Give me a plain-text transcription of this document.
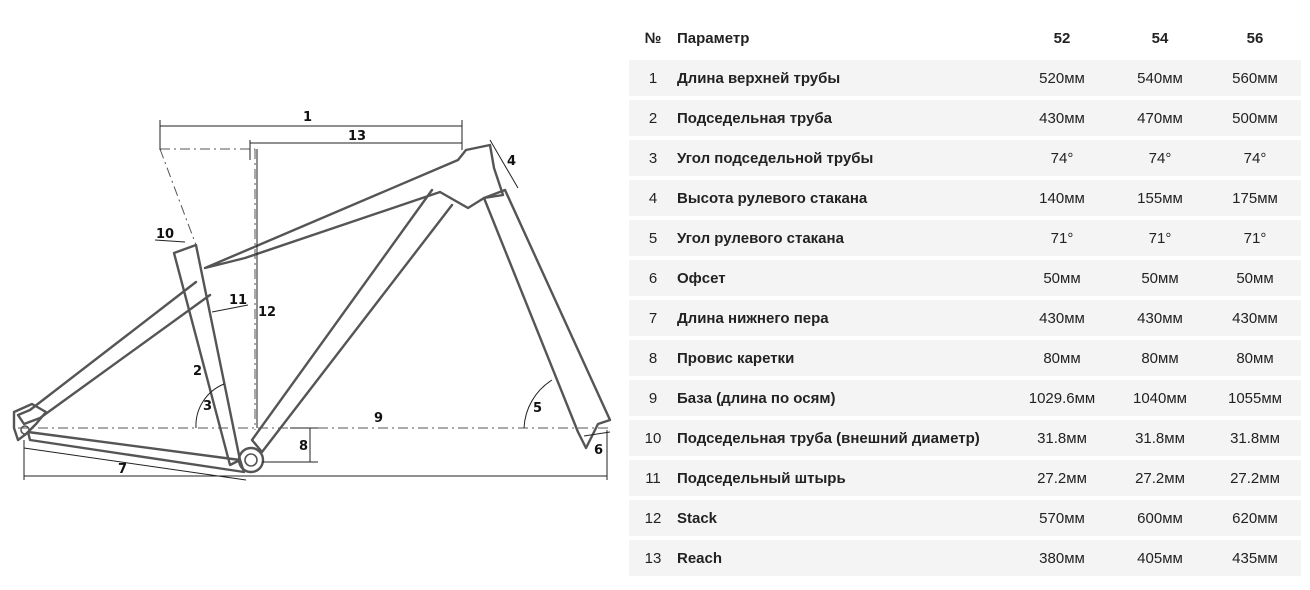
1
2
3
4
5
6
7
8
9
10
11
12
13
№	Параметр	52	54	56
1	Длина верхней трубы	520мм	540мм	560мм
2	Подседельная труба	430мм	470мм	500мм
3	Угол подседельной трубы	74°	74°	74°
4	Высота рулевого стакана	140мм	155мм	175мм
5	Угол рулевого стакана	71°	71°	71°
6	Офсет	50мм	50мм	50мм
7	Длина нижнего пера	430мм	430мм	430мм
8	Провис каретки	80мм	80мм	80мм
9	База (длина по осям)	1029.6мм	1040мм	1055мм
10	Подседельная труба (внешний диаметр)	31.8мм	31.8мм	31.8мм
11	Подседельный штырь	27.2мм	27.2мм	27.2мм
12	Stack	570мм	600мм	620мм
13	Reach	380мм	405мм	435мм
